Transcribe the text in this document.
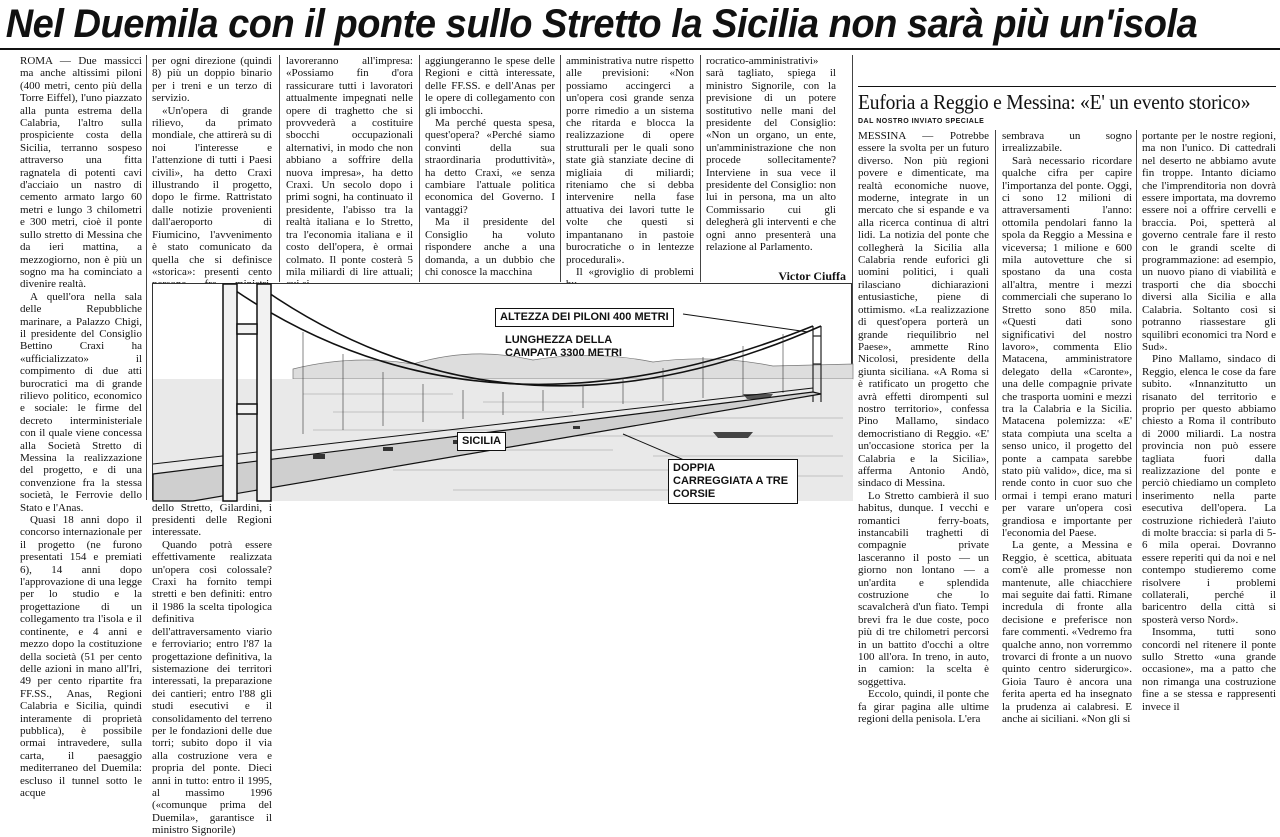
Nel Duemila con il ponte sullo Stretto la Sicilia non sarà più un'isola

ROMA — Due massicci ma anche altissimi piloni (400 metri, cento più della Torre Eiffel), l'uno piazzato alla punta estrema della Calabria, l'altro sulla prospiciente costa della Sicilia, terranno sospeso attraverso una fitta ragnatela di potenti cavi d'acciaio un nastro di cemento armato largo 60 metri e lungo 3 chilometri e 300 metri, cioè il ponte sullo stretto di Messina che da ieri mattina, a mezzogiorno, non è più un sogno ma ha cominciato a divenire realtà.

A quell'ora nella sala delle Repubbliche marinare, a Palazzo Chigi, il presidente del Consiglio Bettino Craxi ha «ufficializzato» il compimento di due atti burocratici ma di grande rilievo politico, economico e sociale: le firme del decreto interministeriale con il quale viene concessa alla Società Stretto di Messina la realizzazione del progetto, e di una convenzione fra la stessa società, le Ferrovie dello Stato e l'Anas.

Quasi 18 anni dopo il concorso internazionale per il progetto (ne furono presentati 154 e premiati 6), 14 anni dopo l'approvazione di una legge per lo studio e la progettazione di un collegamento tra l'isola e il continente, e 4 anni e mezzo dopo la costituzione della società (51 per cento delle azioni in mano all'Iri, 49 per cento ripartite fra FF.SS., Anas, Regioni Calabria e Sicilia, quindi interamente di proprietà pubblica), è possibile ormai intravedere, sulla carta, il paesaggio mediterraneo del Duemila: escluso il tunnel sotto le acque

per ogni direzione (quindi 8) più un doppio binario per i treni e un terzo di servizio.

«Un'opera di grande rilievo, da primato mondiale, che attirerà su di noi l'interesse e l'attenzione di tutti i Paesi civili», ha detto Craxi illustrando il progetto, dopo le firme. Rattristato dalle notizie provenienti dall'aeroporto di Fiumicino, l'avvenimento è stato comunicato da quella che si definisce «storica»: presenti cento dello Stretto, Gilardini, i presidenti delle Regioni interessate.

Quando potrà essere effettivamente realizzata un'opera così colossale? Craxi ha fornito tempi stretti e ben definiti: entro il 1986 la scelta tipologica definitiva dell'attraversamento viario e ferroviario; entro l'87 la progettazione definitiva, la sistemazione dei territori interessati, la preparazione dei cantieri; entro l'88 gli studi esecutivi e il consolidamento del terreno per le fondazioni delle due torri; subito dopo il via alla costruzione vera e propria del ponte. Dieci anni in tutto: entro il 1995, al massimo 1996 («comunque prima del Duemila», garantisce il ministro Signorile)

lavoreranno all'impresa: «Possiamo fin d'ora rassicurare tutti i lavoratori attualmente impegnati nelle opere di traghetto che si provvederà a costituire sbocchi occupazionali alternativi, in modo che non abbiano a soffrire della nuova impresa», ha detto Craxi. Un secolo dopo i primi sogni, ha continuato il presidente, l'abisso tra la realtà italiana e lo Stretto, tra l'economia italiana e il costo dell'opera, è ormai colmato. Il ponte costerà 5 mila miliardi di lire attuali;

aggiungeranno le spese delle Regioni e città interessate, delle FF.SS. e dell'Anas per le opere di collegamento con gli imbocchi.

Ma perché questa spesa, quest'opera? «Perché siamo convinti della sua straordinaria produttività», ha detto Craxi, «e senza cambiare l'attuale politica economica del Governo. I vantaggi?

Ma il presidente del Consiglio ha voluto rispondere anche a una domanda, a un dubbio che chi conosce la macchina

amministrativa nutre rispetto alle previsioni: «Non possiamo accingerci a un'opera così grande senza porre rimedio a un sistema che ritarda e blocca la realizzazione di opere strutturali per le quali sono state già stanziate decine di migliaia di miliardi; riteniamo che si debba intervenire nella fase attuativa dei lavori tutte le volte che questi si impantanano in pastoie burocratiche o in lentezze procedurali».

Il «groviglio di problemi

rocratico-amministrativi» sarà tagliato, spiega il ministro Signorile, con la previsione di un potere sostitutivo nelle mani del presidente del Consiglio: «Non un organo, un ente, un'amministrazione che non procede sollecitamente? Interviene in sua vece il presidente del Consiglio: non lui in persona, ma un alto Commissario cui gli delegherà gli interventi e che ogni anno presenterà una relazione al Parlamento.

Victor Ciuffa
Euforia a Reggio e Messina: «E' un evento storico»
DAL NOSTRO INVIATO SPECIALE

MESSINA — Potrebbe essere la svolta per un futuro diverso. Non più regioni povere e dimenticate, ma realtà economiche nuove, moderne, integrate in un mercato che si espande e va alla ricerca continua di altri lidi. La notizia del ponte che collegherà la Sicilia alla Calabria rende euforici gli uomini politici, i quali rilasciano dichiarazioni entusiastiche, piene di ottimismo. «La realizzazione di quest'opera porterà un grande riequilibrio nel Paese», ammette Rino Nicolosi, presidente della giunta siciliana. «A Roma si è ratificato un progetto che avrà effetti dirompenti sul nostro territorio», confessa Pino Mallamo, sindaco democristiano di Reggio. «E' un'occasione storica per la Calabria e la Sicilia», afferma Antonio Andò, sindaco di Messina.

Lo Stretto cambierà il suo habitus, dunque. I vecchi e romantici ferry-boats, instancabili traghetti di compagnie private lasceranno il posto — un giorno non lontano — a un'ardita e splendida costruzione che lo scavalcherà d'un fiato. Tempi brevi fra le due coste, poco più di tre chilometri percorsi in un battito d'occhi a oltre 100 all'ora. In treno, in auto, in camion: la scelta è soggettiva.

Eccolo, quindi, il ponte che fa girar pagina alle ultime regioni della penisola. L'era

sembrava un sogno irrealizzabile.

Sarà necessario ricordare qualche cifra per capire l'importanza del ponte. Oggi, ci sono 12 milioni di attraversamenti l'anno: ottomila pendolari fanno la spola da Reggio a Messina e viceversa; 1 milione e 600 mila autovetture che si spostano da una costa all'altra, mentre i mezzi commerciali che superano lo Stretto sono 850 mila. «Questi dati sono significativi del nostro lavoro», commenta Elio Matacena, amministratore delegato della «Caronte», una delle compagnie private che trasporta uomini e mezzi tra la Calabria e la Sicilia. Matacena polemizza: «E' stata compiuta una scelta a senso unico, il progetto del ponte a campata sarebbe stato più valido», dice, ma si rende conto in cuor suo che ormai i tempi erano maturi per varare un'opera così grandiosa e importante per l'economia del Paese.

La gente, a Messina e Reggio, è scettica, abituata com'è alle promesse non mantenute, alle chiacchiere mai seguite dai fatti. Rimane incredula di fronte alla decisione e preferisce non fare commenti. «Vedremo fra qualche anno, non vorremmo trovarci di fronte a un nuovo quinto centro siderurgico». Gioia Tauro è ancora una ferita aperta ed ha insegnato la prudenza ai calabresi. E anche ai siciliani. «Non gli si

portante per le nostre regioni, ma non l'unico. Di cattedrali nel deserto ne abbiamo avute fin troppe. Intanto diciamo che l'imprenditoria non dovrà essere importata, ma dovremo essere noi a offrire cervelli e braccia. Poi, spetterà al governo centrale fare il resto con le grandi scelte di programmazione: ad esempio, un nuovo piano di viabilità e trasporti che dia sbocchi diversi alla Sicilia e alla Calabria. Soltanto così si potranno riassestare gli squilibri economici tra Nord e Sud».

Pino Mallamo, sindaco di Reggio, elenca le cose da fare subito. «Innanzitutto un risanato del territorio e proprio per questo abbiamo chiesto a Roma il contributo di 2000 miliardi. La nostra provincia non può essere tagliata fuori dalla realizzazione del ponte e perciò chiediamo un completo inserimento nella parte esecutiva dell'opera. La costruzione richiederà l'aiuto di molte braccia: si parla di 5-6 mila operai. Dovranno essere reperiti qui da noi e nel contempo studieremo come risolvere i problemi collaterali, perché il baricentro della città si sposterà verso Nord».

Insomma, tutti sono concordi nel ritenere il ponte sullo Stretto «una grande occasione», ma a patto che non rimanga una costruzione fine a se stessa e rappresenti invece il

ALTEZZA DEI PILONI 400 METRI
LUNGHEZZA DELLA CAMPATA 3300 METRI
SICILIA
DOPPIA CARREGGIATA A TRE CORSIE
